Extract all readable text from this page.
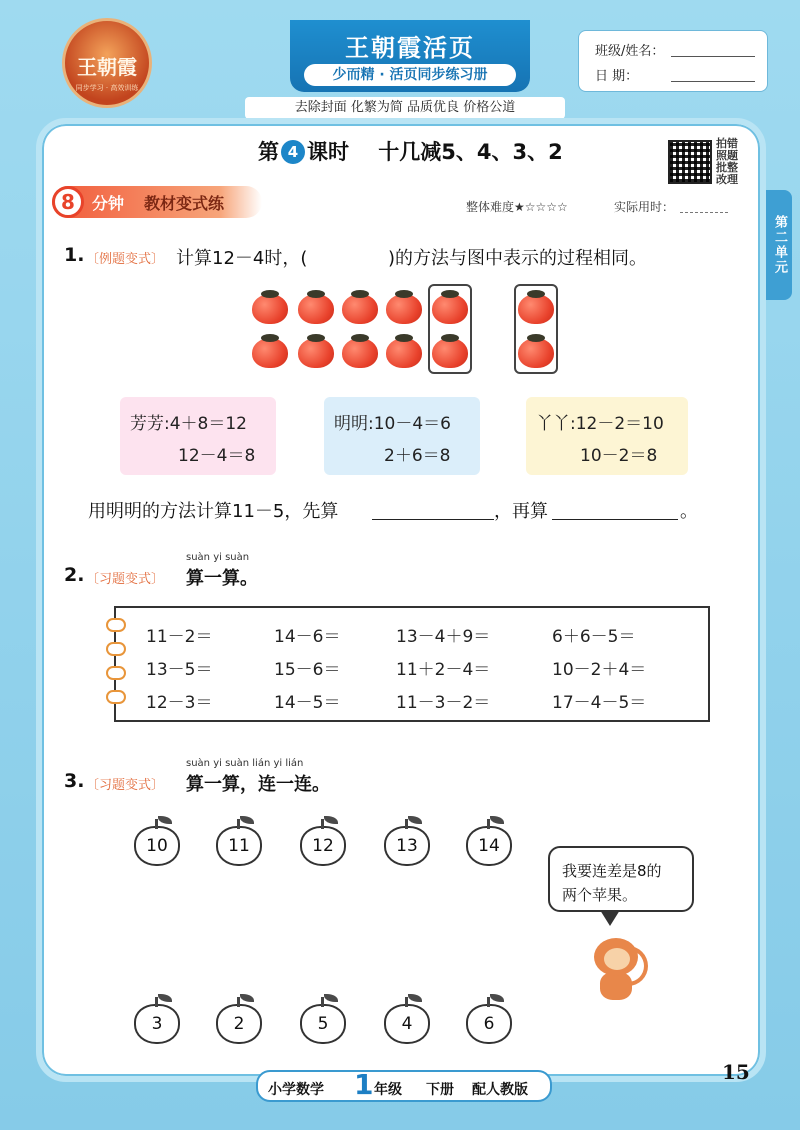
王朝霞
同步学习 · 高效训练
王朝霞活页
少而精 · 活页同步练习册
去除封面 化繁为简 品质优良 价格公道
班级/姓名：
日 期：
第二单元
第 4 课时 十几减5、4、3、2	拍错
照题
批整
改理
8	分钟 教材变式练	整体难度★☆☆☆☆	实际用时：
1. 〔例题变式〕 计算12－4时，(	)的方法与图中表示的过程相同。
芳芳:4＋8＝12
12－4＝8
明明:10－4＝6
2＋6＝8
丫丫:12－2＝10
10－2＝8
用明明的方法计算11－5，先算	，再算	。
suàn yi suàn
2. 〔习题变式〕 算一算。
11－2＝	14－6＝	13－4＋9＝	6＋6－5＝
13－5＝	15－6＝	11＋2－4＝	10－2＋4＝
12－3＝	14－5＝	11－3－2＝	17－4－5＝
suàn yi suàn lián yi lián
3. 〔习题变式〕 算一算，连一连。
10	11	12	13	14
我要连差是8的
两个苹果。
3	2	5	4	6
小学数学 1 年级 下册 配人教版
15
